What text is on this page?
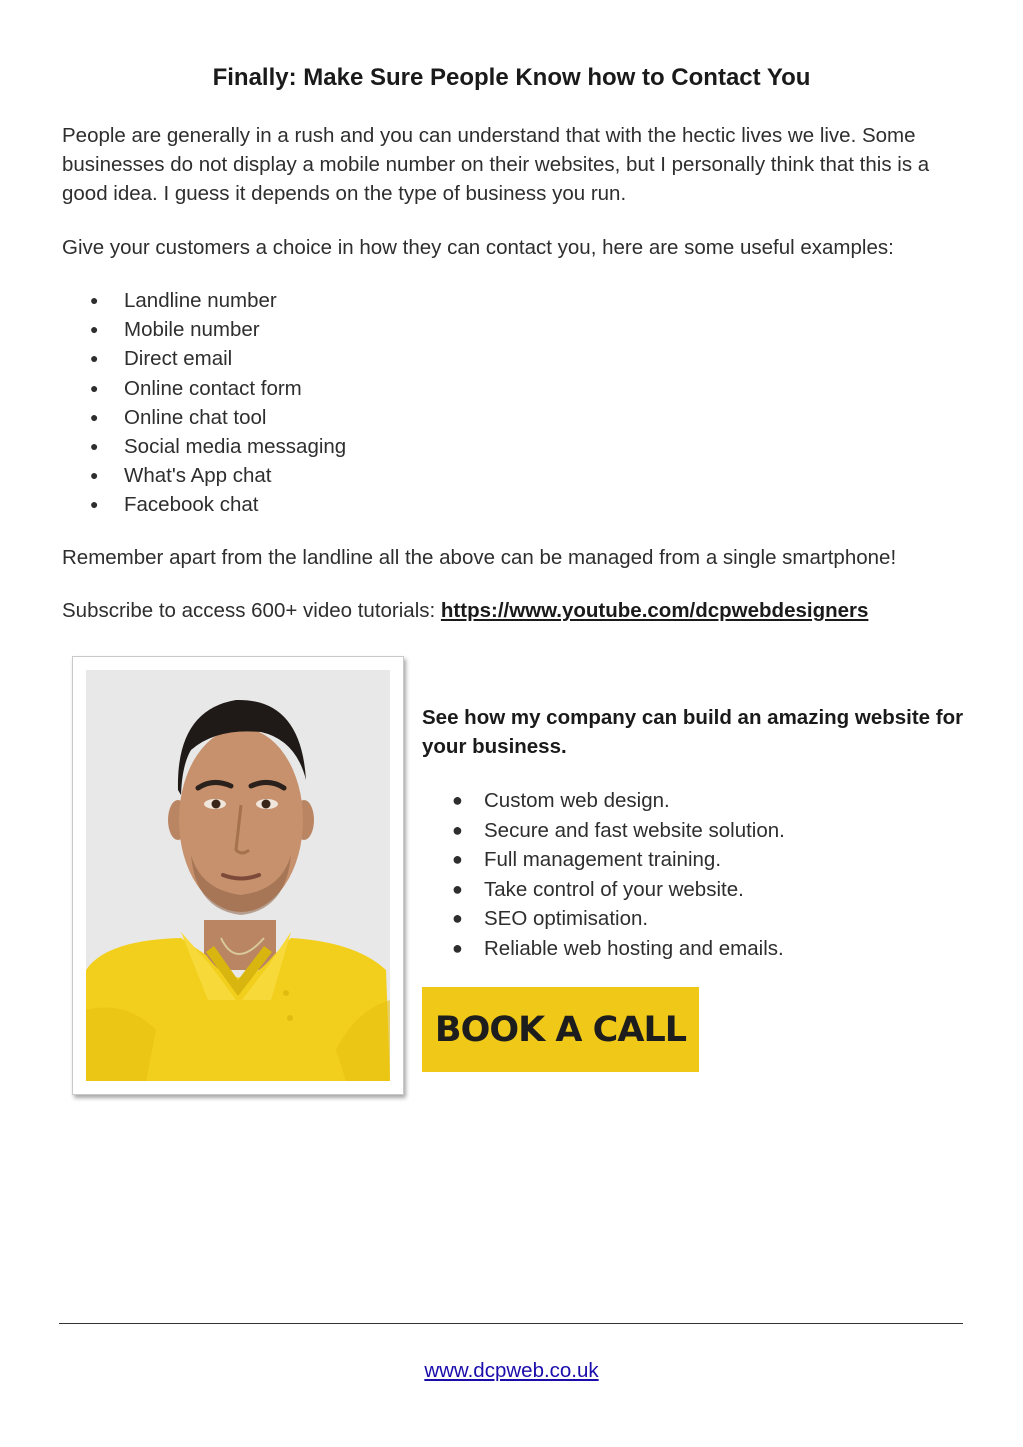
Finally: Make Sure People Know how to Contact You

People are generally in a rush and you can understand that with the hectic lives we live. Some businesses do not display a mobile number on their websites, but I personally think that this is a good idea. I guess it depends on the type of business you run.

Give your customers a choice in how they can contact you, here are some useful examples:

● Landline number
● Mobile number
● Direct email
● Online contact form
● Online chat tool
● Social media messaging
● What's App chat
● Facebook chat

Remember apart from the landline all the above can be managed from a single smartphone!

Subscribe to access 600+ video tutorials: https://www.youtube.com/dcpwebdesigners

See how my company can build an amazing website for your business.
● Custom web design.
● Secure and fast website solution.
● Full management training.
● Take control of your website.
● SEO optimisation.
● Reliable web hosting and emails.
BOOK A CALL
www.dcpweb.co.uk
